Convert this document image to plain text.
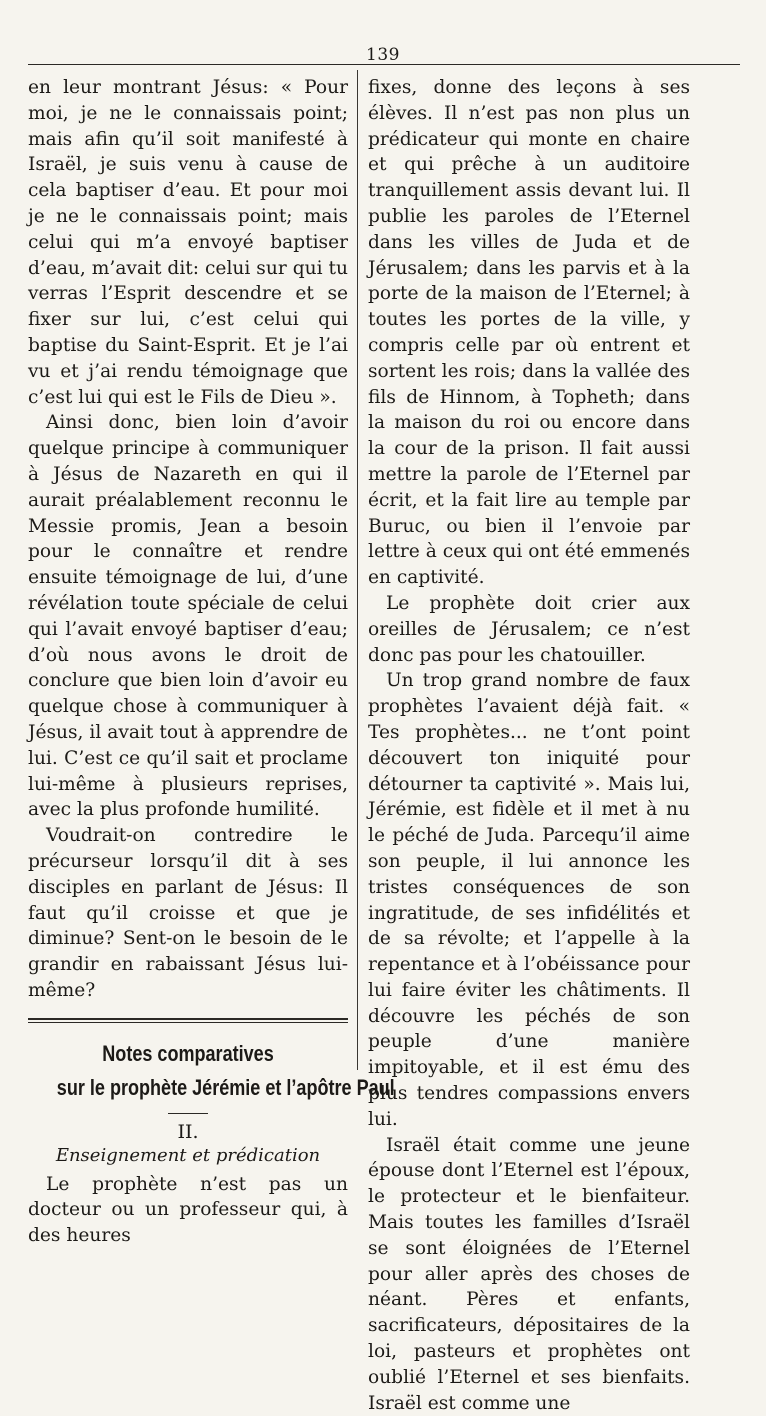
139

en leur montrant Jésus: « Pour moi, je ne le connaissais point; mais afin qu’il soit manifesté à Israël, je suis venu à cause de cela baptiser d’eau. Et pour moi je ne le connaissais point; mais celui qui m’a envoyé baptiser d’eau, m’avait dit: celui sur qui tu verras l’Esprit descendre et se fixer sur lui, c’est celui qui baptise du Saint-Esprit. Et je l’ai vu et j’ai rendu témoignage que c’est lui qui est le Fils de Dieu ».

Ainsi donc, bien loin d’avoir quelque principe à communiquer à Jésus de Nazareth en qui il aurait préalablement reconnu le Messie promis, Jean a besoin pour le connaître et rendre ensuite témoignage de lui, d’une révélation toute spéciale de celui qui l’avait envoyé baptiser d’eau; d’où nous avons le droit de conclure que bien loin d’avoir eu quelque chose à communiquer à Jésus, il avait tout à apprendre de lui. C’est ce qu’il sait et proclame lui-même à plusieurs reprises, avec la plus profonde humilité.

Voudrait-on contredire le précurseur lorsqu’il dit à ses disciples en parlant de Jésus: Il faut qu’il croisse et que je diminue? Sent-on le besoin de le grandir en rabaissant Jésus lui-même?

Notes comparatives
sur le prophète Jérémie et l’apôtre Paul
II.
Enseignement et prédication

Le prophète n’est pas un docteur ou un professeur qui, à des heures

fixes, donne des leçons à ses élèves. Il n’est pas non plus un prédicateur qui monte en chaire et qui prêche à un auditoire tranquillement assis devant lui. Il publie les paroles de l’Eternel dans les villes de Juda et de Jérusalem; dans les parvis et à la porte de la maison de l’Eternel; à toutes les portes de la ville, y compris celle par où entrent et sortent les rois; dans la vallée des fils de Hinnom, à Topheth; dans la maison du roi ou encore dans la cour de la prison. Il fait aussi mettre la parole de l’Eternel par écrit, et la fait lire au temple par Buruc, ou bien il l’envoie par lettre à ceux qui ont été emmenés en captivité.

Le prophète doit crier aux oreilles de Jérusalem; ce n’est donc pas pour les chatouiller.

Un trop grand nombre de faux prophètes l’avaient déjà fait. « Tes prophètes... ne t’ont point découvert ton iniquité pour détourner ta captivité ». Mais lui, Jérémie, est fidèle et il met à nu le péché de Juda. Parcequ’il aime son peuple, il lui annonce les tristes conséquences de son ingratitude, de ses infidélités et de sa révolte; et l’appelle à la repentance et à l’obéissance pour lui faire éviter les châtiments. Il découvre les péchés de son peuple d’une manière impitoyable, et il est ému des plus tendres compassions envers lui.

Israël était comme une jeune épouse dont l’Eternel est l’époux, le protecteur et le bienfaiteur. Mais toutes les familles d’Israël se sont éloignées de l’Eternel pour aller après des choses de néant. Pères et enfants, sacrificateurs, dépositaires de la loi, pasteurs et prophètes ont oublié l’Eternel et ses bienfaits. Israël est comme une
